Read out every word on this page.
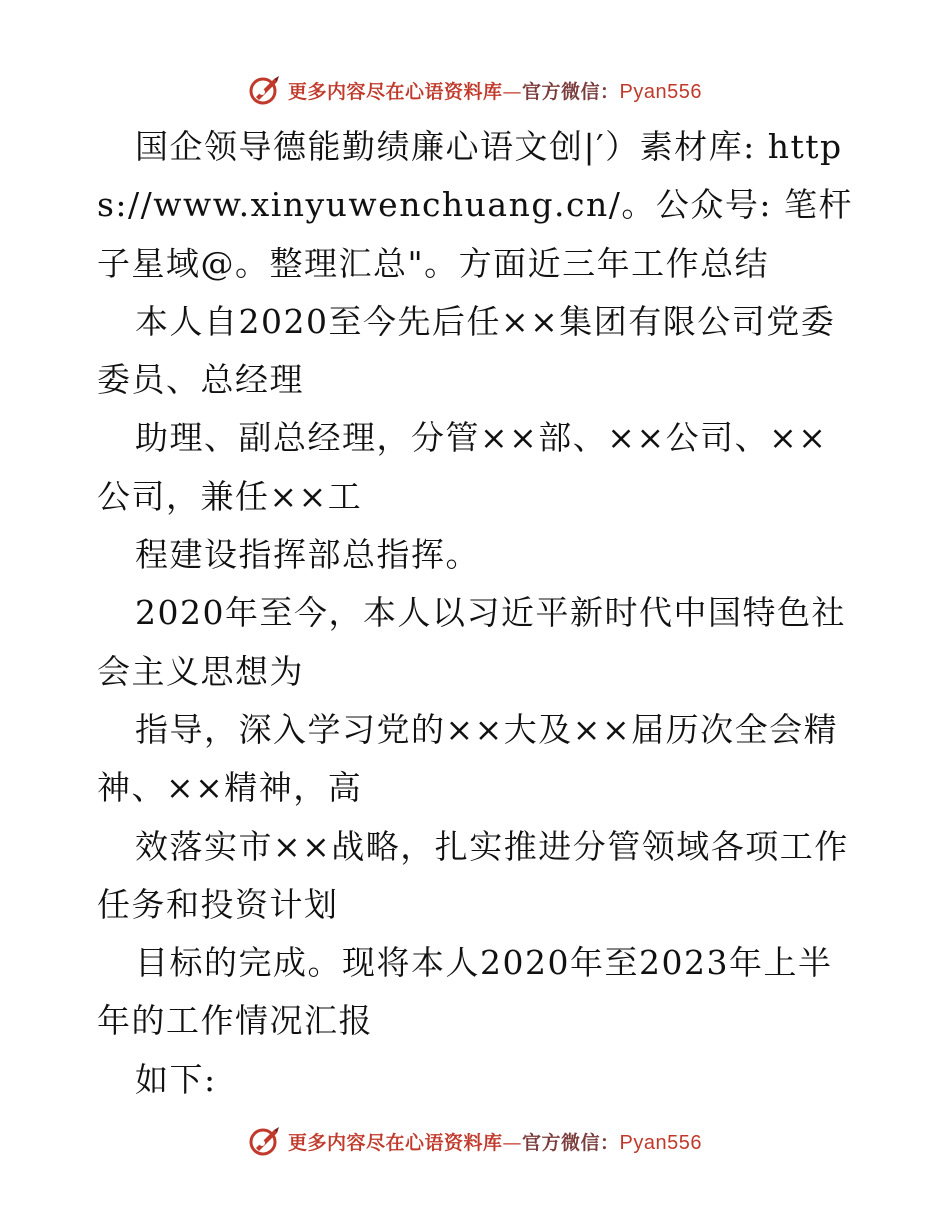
更多内容尽在心语资料库—官方微信：Pyan556

国企领导德能勤绩廉心语文创|′）素材库: https://www.xinyuwenchuang.cn/。公众号: 笔杆子星域@。整理汇总"。方面近三年工作总结

本人自2020至今先后任××集团有限公司党委委员、总经理

助理、副总经理，分管××部、××公司、××公司，兼任××工

程建设指挥部总指挥。

2020年至今，本人以习近平新时代中国特色社会主义思想为

指导，深入学习党的××大及××届历次全会精神、××精神，高

效落实市××战略，扎实推进分管领域各项工作任务和投资计划

目标的完成。现将本人2020年至2023年上半年的工作情况汇报

如下:

更多内容尽在心语资料库—官方微信：Pyan556
